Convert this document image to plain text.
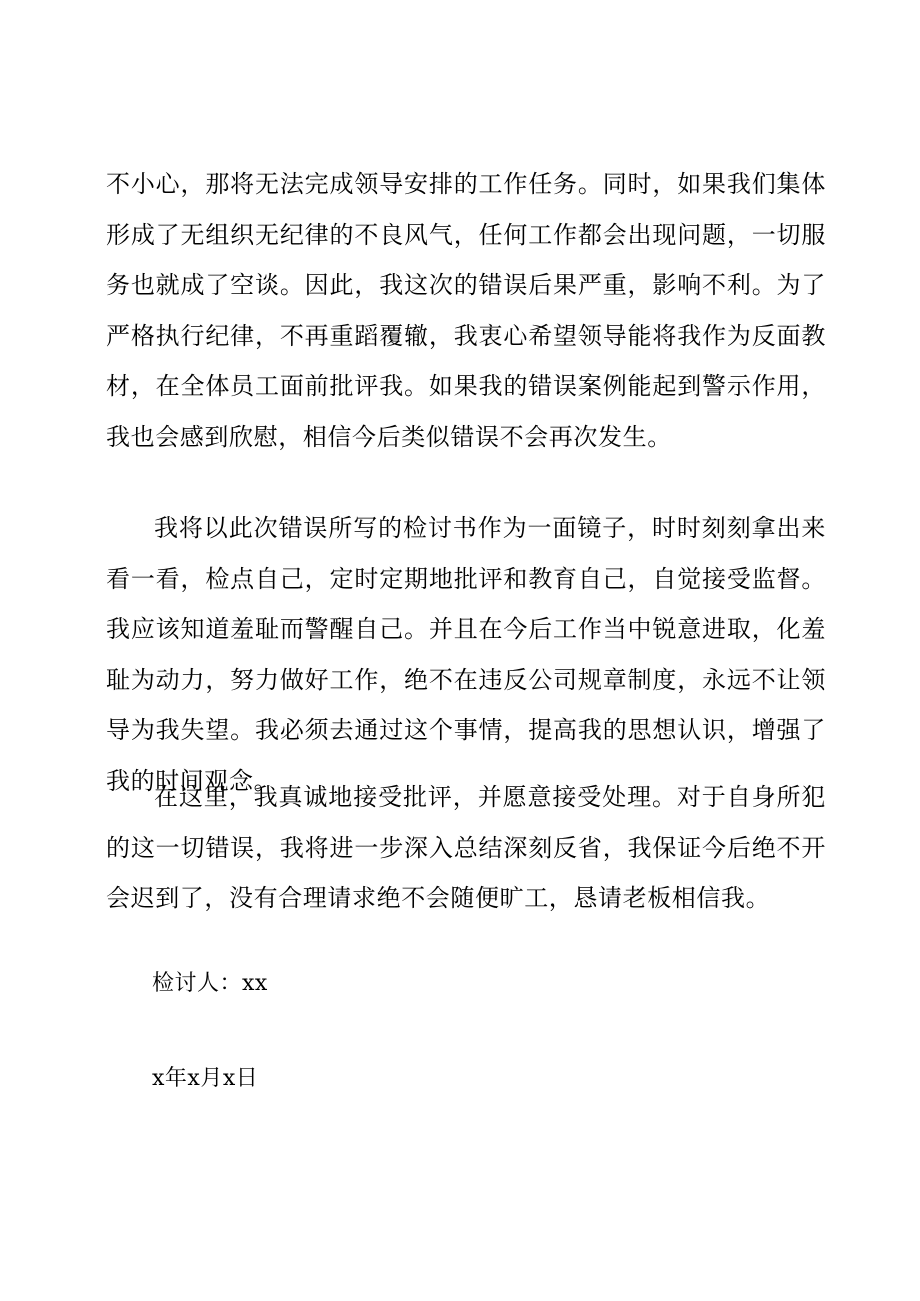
不小心，那将无法完成领导安排的工作任务。同时，如果我们集体形成了无组织无纪律的不良风气，任何工作都会出现问题，一切服务也就成了空谈。因此，我这次的错误后果严重，影响不利。为了严格执行纪律，不再重蹈覆辙，我衷心希望领导能将我作为反面教材，在全体员工面前批评我。如果我的错误案例能起到警示作用，我也会感到欣慰，相信今后类似错误不会再次发生。

我将以此次错误所写的检讨书作为一面镜子，时时刻刻拿出来看一看，检点自己，定时定期地批评和教育自己，自觉接受监督。我应该知道羞耻而警醒自己。并且在今后工作当中锐意进取，化羞耻为动力，努力做好工作，绝不在违反公司规章制度，永远不让领导为我失望。我必须去通过这个事情，提高我的思想认识，增强了我的时间观念。

在这里，我真诚地接受批评，并愿意接受处理。对于自身所犯的这一切错误，我将进一步深入总结深刻反省，我保证今后绝不开会迟到了，没有合理请求绝不会随便旷工，恳请老板相信我。

检讨人：xx

x年x月x日
